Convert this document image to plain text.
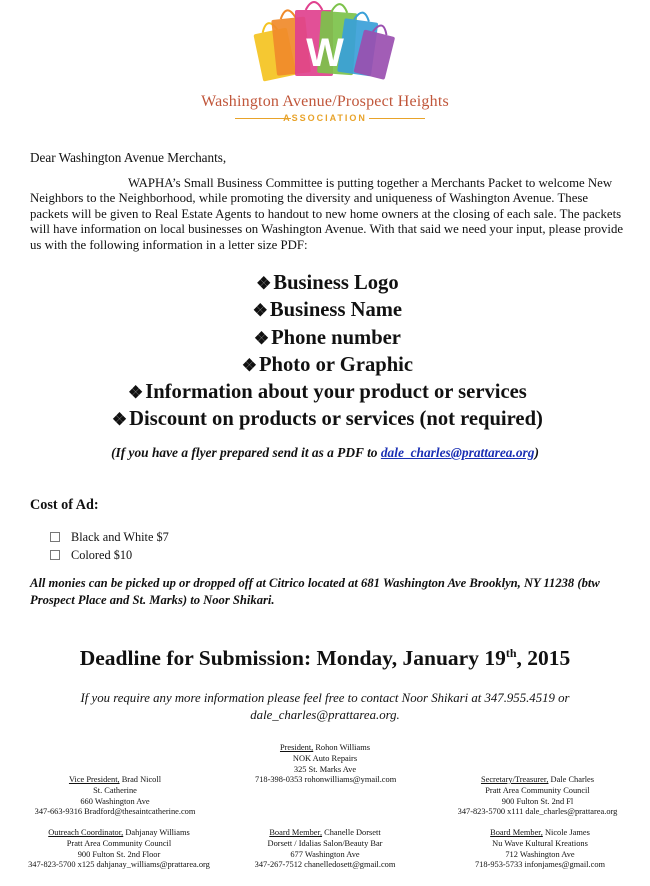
W
Washington Avenue/Prospect Heights
ASSOCIATION
Dear Washington Avenue Merchants,
WAPHA’s Small Business Committee is putting together a Merchants Packet to welcome New Neighbors to the Neighborhood, while promoting the diversity and uniqueness of Washington Avenue. These packets will be given to Real Estate Agents to handout to new home owners at the closing of each sale. The packets will have information on local businesses on Washington Avenue. With that said we need your input, please provide us with the following information in a letter size PDF:
❖Business Logo
❖Business Name
❖Phone number
❖Photo or Graphic
❖Information about your product or services
❖Discount on products or services (not required)
(If you have a flyer prepared send it as a PDF to dale_charles@prattarea.org)
Cost of Ad:
Black and White $7
Colored $10
All monies can be picked up or dropped off at Citrico located at 681 Washington Ave Brooklyn, NY 11238 (btw Prospect Place and St. Marks) to Noor Shikari.
Deadline for Submission: Monday, January 19th, 2015
If you require any more information please feel free to contact Noor Shikari at 347.955.4519 or dale_charles@prattarea.org.
President, Rohon Williams
NOK Auto Repairs
325 St. Marks Ave
718-398-0353 rohonwilliams@ymail.com
Vice President, Brad Nicoll
St. Catherine
660 Washington Ave
347-663-9316 Bradford@thesaintcatherine.com
Secretary/Treasurer, Dale Charles
Pratt Area Community Council
900 Fulton St. 2nd Fl
347-823-5700 x111 dale_charles@prattarea.org
Outreach Coordinator, Dahjanay Williams
Pratt Area Community Council
900 Fulton St. 2nd Floor
347-823-5700 x125 dahjanay_williams@prattarea.org
Board Member, Chanelle Dorsett
Dorsett / Idalias Salon/Beauty Bar
677 Washington Ave
347-267-7512 chanelledosett@gmail.com
Board Member, Nicole James
Nu Wave Kultural Kreations
712 Washington Ave
718-953-5733 infonjames@gmail.com
